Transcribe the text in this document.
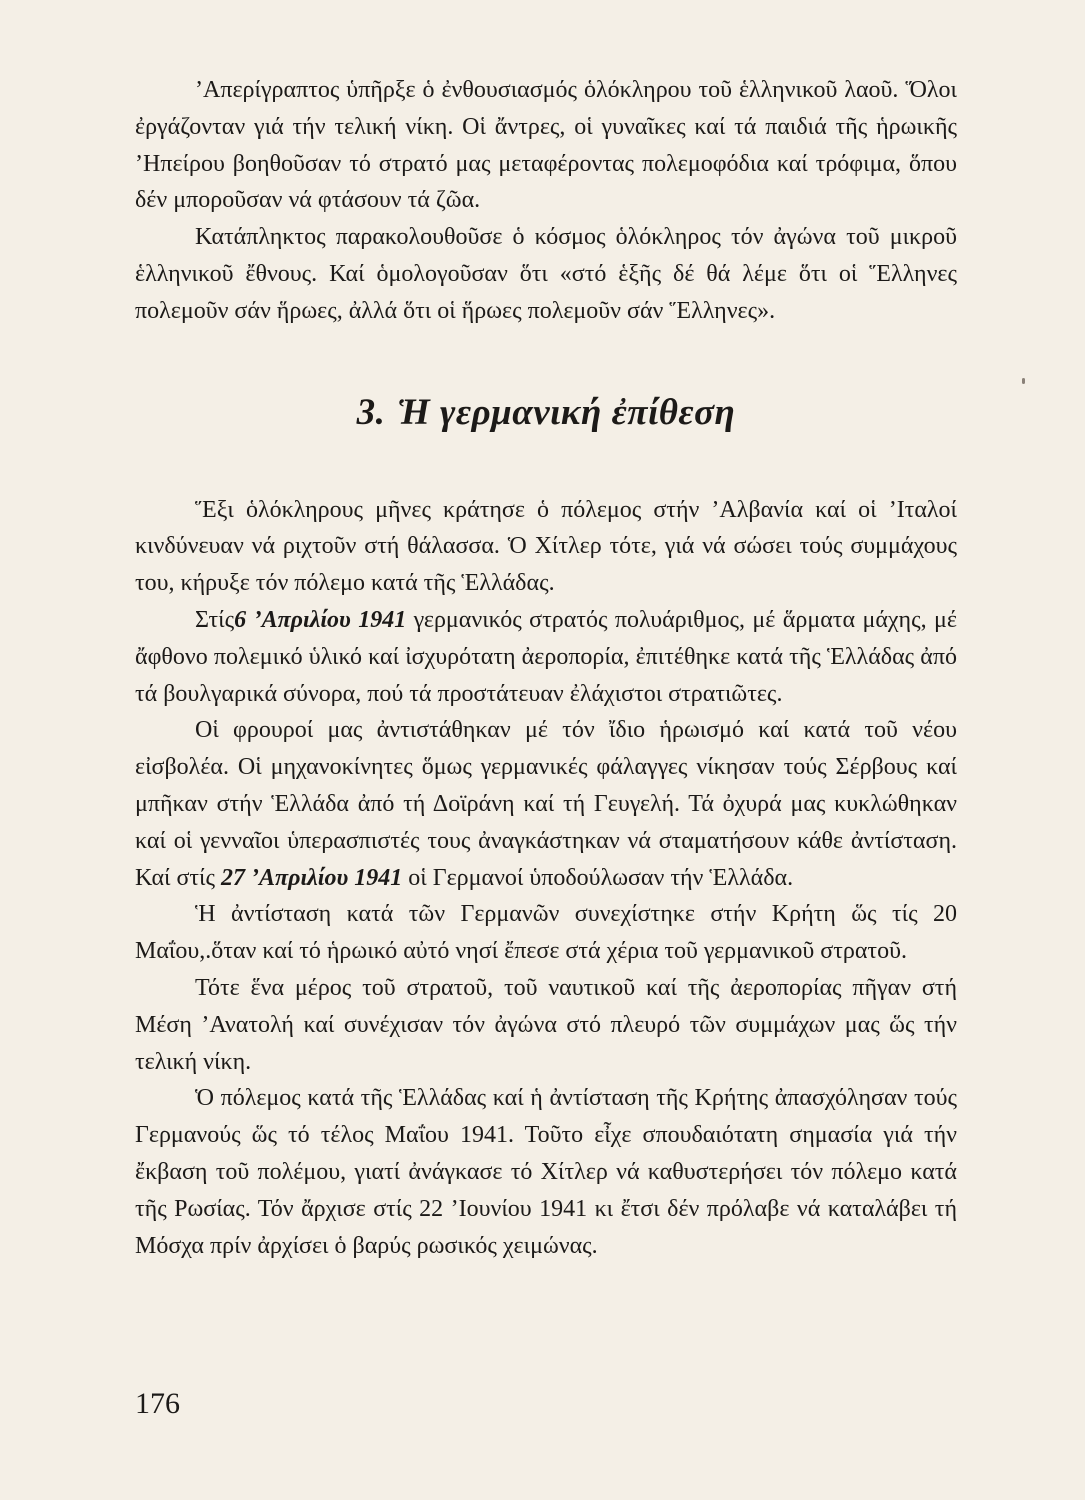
’Απερίγραπτος ὑπῆρξε ὁ ἐνθουσιασμός ὁλόκληρου τοῦ ἑλληνικοῦ λαοῦ. Ὅλοι ἐργάζονταν γιά τήν τελική νίκη. Οἱ ἄντρες, οἱ γυναῖκες καί τά παιδιά τῆς ἡρωικῆς ’Ηπείρου βοηθοῦσαν τό στρατό μας μεταφέροντας πολεμοφόδια καί τρόφιμα, ὅπου δέν μποροῦσαν νά φτάσουν τά ζῶα.

Κατάπληκτος παρακολουθοῦσε ὁ κόσμος ὁλόκληρος τόν ἀγώνα τοῦ μικροῦ ἑλληνικοῦ ἔθνους. Καί ὁμολογοῦσαν ὅτι «στό ἑξῆς δέ θά λέμε ὅτι οἱ Ἕλληνες πολεμοῦν σάν ἥρωες, ἀλλά ὅτι οἱ ἥρωες πολεμοῦν σάν Ἕλληνες».

3. Ἡ γερμανική ἐπίθεση

Ἕξι ὁλόκληρους μῆνες κράτησε ὁ πόλεμος στήν ’Αλβανία καί οἱ ’Ιταλοί κινδύνευαν νά ριχτοῦν στή θάλασσα. Ὁ Χίτλερ τότε, γιά νά σώσει τούς συμμάχους του, κήρυξε τόν πόλεμο κατά τῆς Ἑλλάδας.

Στίς6 ’Απριλίου 1941 γερμανικός στρατός πολυάριθμος, μέ ἅρματα μάχης, μέ ἄφθονο πολεμικό ὑλικό καί ἰσχυρότατη ἀεροπορία, ἐπιτέθηκε κατά τῆς Ἑλλάδας ἀπό τά βουλγαρικά σύνορα, πού τά προστάτευαν ἐλάχιστοι στρατιῶτες.

Οἱ φρουροί μας ἀντιστάθηκαν μέ τόν ἴδιο ἡρωισμό καί κατά τοῦ νέου εἰσβολέα. Οἱ μηχανοκίνητες ὅμως γερμανικές φάλαγγες νίκησαν τούς Σέρβους καί μπῆκαν στήν Ἑλλάδα ἀπό τή Δοϊράνη καί τή Γευγελή. Τά ὀχυρά μας κυκλώθηκαν καί οἱ γενναῖοι ὑπερασπιστές τους ἀναγκάστηκαν νά σταματήσουν κάθε ἀντίσταση. Καί στίς 27 ’Απριλίου 1941 οἱ Γερμανοί ὑποδούλωσαν τήν Ἑλλάδα.

Ἡ ἀντίσταση κατά τῶν Γερμανῶν συνεχίστηκε στήν Κρήτη ὥς τίς 20 Μαΐου,.ὅταν καί τό ἡρωικό αὐτό νησί ἔπεσε στά χέρια τοῦ γερμανικοῦ στρατοῦ.

Τότε ἕνα μέρος τοῦ στρατοῦ, τοῦ ναυτικοῦ καί τῆς ἀεροπορίας πῆγαν στή Μέση ’Ανατολή καί συνέχισαν τόν ἀγώνα στό πλευρό τῶν συμμάχων μας ὥς τήν τελική νίκη.

Ὁ πόλεμος κατά τῆς Ἑλλάδας καί ἡ ἀντίσταση τῆς Κρήτης ἀπασχόλησαν τούς Γερμανούς ὥς τό τέλος Μαΐου 1941. Τοῦτο εἶχε σπουδαιότατη σημασία γιά τήν ἔκβαση τοῦ πολέμου, γιατί ἀνάγκασε τό Χίτλερ νά καθυστερήσει τόν πόλεμο κατά τῆς Ρωσίας. Τόν ἄρχισε στίς 22 ’Ιουνίου 1941 κι ἔτσι δέν πρόλαβε νά καταλάβει τή Μόσχα πρίν ἀρχίσει ὁ βαρύς ρωσικός χειμώνας.

176
